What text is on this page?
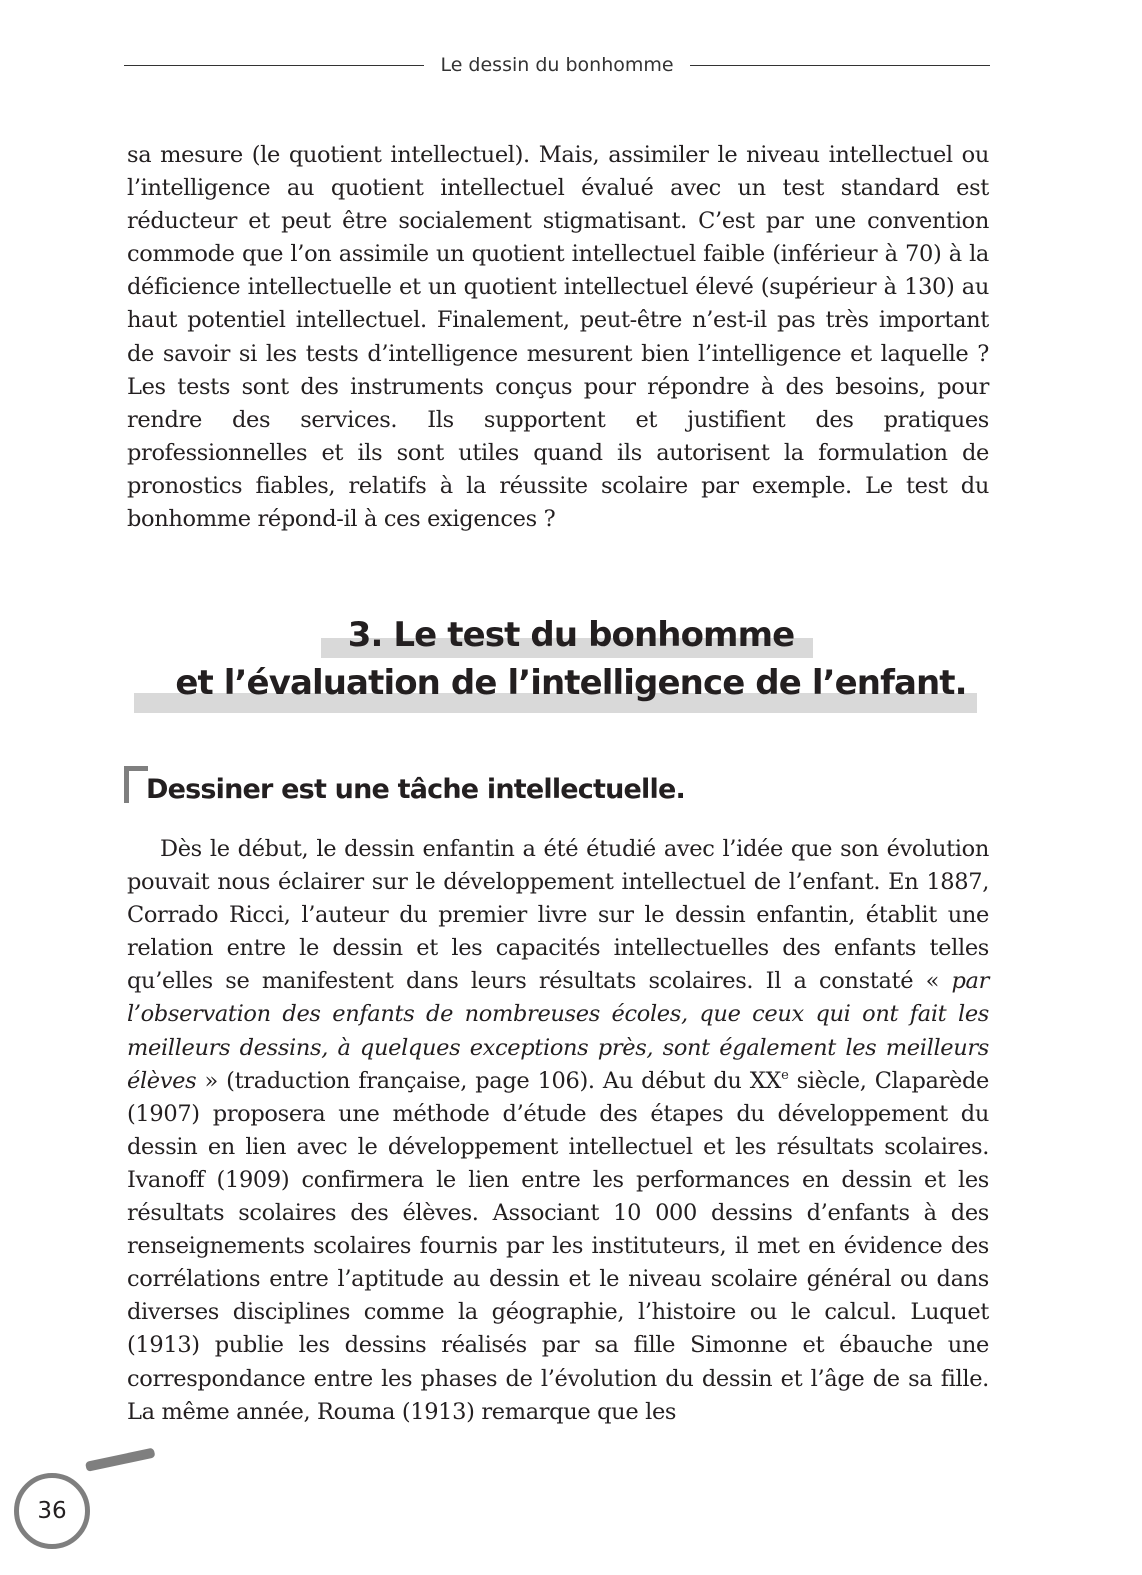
Le dessin du bonhomme

sa mesure (le quotient intellectuel). Mais, assimiler le niveau intellectuel ou l’intelligence au quotient intellectuel évalué avec un test standard est réducteur et peut être socialement stigmatisant. C’est par une convention commode que l’on assimile un quotient intellectuel faible (inférieur à 70) à la déficience intellectuelle et un quotient intellectuel élevé (supérieur à 130) au haut potentiel intellectuel. Finalement, peut-être n’est-il pas très important de savoir si les tests d’intelligence mesurent bien l’intelligence et laquelle ? Les tests sont des instruments conçus pour répondre à des besoins, pour rendre des services. Ils supportent et justifient des pratiques professionnelles et ils sont utiles quand ils autorisent la formulation de pronostics fiables, relatifs à la réussite scolaire par exemple. Le test du bonhomme répond-il à ces exigences ?

3. Le test du bonhomme
et l’évaluation de l’intelligence de l’enfant.
Dessiner est une tâche intellectuelle.

Dès le début, le dessin enfantin a été étudié avec l’idée que son évolution pouvait nous éclairer sur le développement intellectuel de l’enfant. En 1887, Corrado Ricci, l’auteur du premier livre sur le dessin enfantin, établit une relation entre le dessin et les capacités intellectuelles des enfants telles qu’elles se manifestent dans leurs résultats scolaires. Il a constaté « par l’observation des enfants de nombreuses écoles, que ceux qui ont fait les meilleurs dessins, à quelques exceptions près, sont également les meilleurs élèves » (traduction française, page 106). Au début du XXe siècle, Claparède (1907) proposera une méthode d’étude des étapes du développement du dessin en lien avec le développement intellectuel et les résultats scolaires. Ivanoff (1909) confirmera le lien entre les performances en dessin et les résultats scolaires des élèves. Associant 10 000 dessins d’enfants à des renseignements scolaires fournis par les instituteurs, il met en évidence des corrélations entre l’aptitude au dessin et le niveau scolaire général ou dans diverses disciplines comme la géographie, l’histoire ou le calcul. Luquet (1913) publie les dessins réalisés par sa fille Simonne et ébauche une correspondance entre les phases de l’évolution du dessin et l’âge de sa fille. La même année, Rouma (1913) remarque que les

36
